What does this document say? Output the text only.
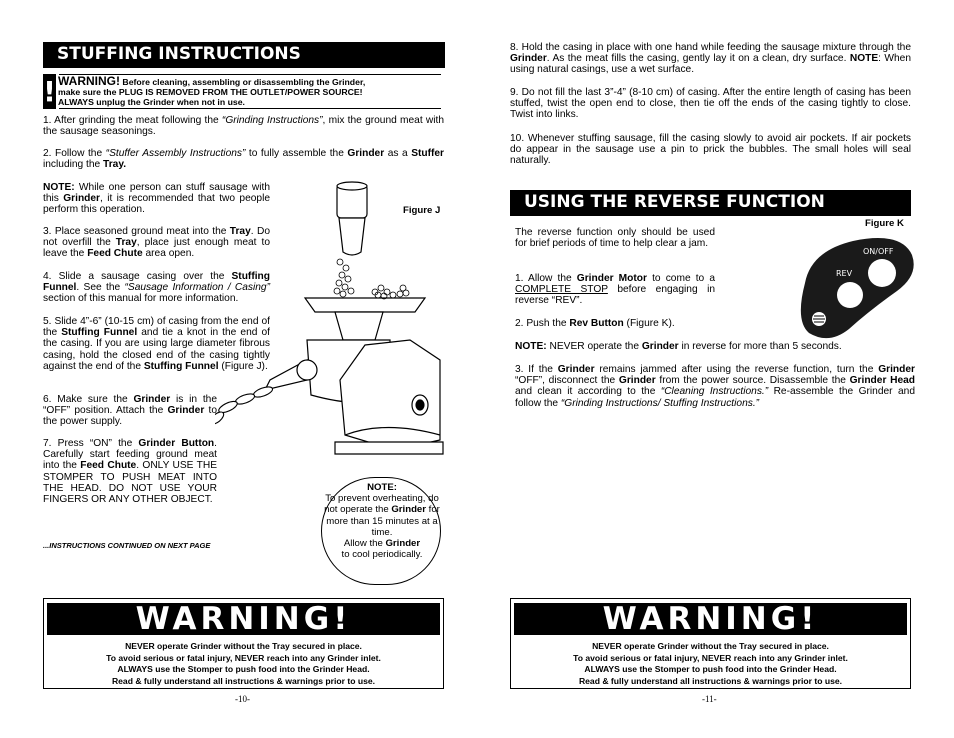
STUFFING INSTRUCTIONS
! WARNING! Before cleaning, assembling or disassembling the Grinder,
make sure the PLUG IS REMOVED FROM THE OUTLET/POWER SOURCE!
ALWAYS unplug the Grinder when not in use.
1. After grinding the meat following the “Grinding Instructions”, mix the ground meat with the sausage seasonings.
2. Follow the “Stuffer Assembly Instructions” to fully assemble the Grinder as a Stuffer including the Tray.
NOTE: While one person can stuff sausage with this Grinder, it is recommended that two people perform this operation.	Figure J
3. Place seasoned ground meat into the Tray. Do not overfill the Tray, place just enough meat to leave the Feed Chute area open.
4. Slide a sausage casing over the Stuffing Funnel. See the “Sausage Information / Casing” section of this manual for more information.
5. Slide 4”-6” (10-15 cm) of casing from the end of the Stuffing Funnel and tie a knot in the end of the casing. If you are using large diameter fibrous casing, hold the closed end of the casing tightly against the end of the Stuffing Funnel (Figure J).
6. Make sure the Grinder is in the “OFF” position. Attach the Grinder to the power supply.
7. Press “ON” the Grinder Button. Carefully start feeding ground meat into the Feed Chute. ONLY USE THE STOMPER TO PUSH MEAT INTO THE HEAD. DO NOT USE YOUR FINGERS OR ANY OTHER OBJECT.
...INSTRUCTIONS CONTINUED ON NEXT PAGE
NOTE:
To prevent overheating, do not operate the Grinder for more than 15 minutes at a time.
Allow the Grinder
to cool periodically.
WARNING!
NEVER operate Grinder without the Tray secured in place.
To avoid serious or fatal injury, NEVER reach into any Grinder inlet.
ALWAYS use the Stomper to push food into the Grinder Head.
Read & fully understand all instructions & warnings prior to use.
-10-
8. Hold the casing in place with one hand while feeding the sausage mixture through the Grinder. As the meat fills the casing, gently lay it on a clean, dry surface. NOTE: When using natural casings, use a wet surface.
9. Do not fill the last 3”-4” (8-10 cm) of casing. After the entire length of casing has been stuffed, twist the open end to close, then tie off the ends of the casing tightly to close. Twist into links.
10. Whenever stuffing sausage, fill the casing slowly to avoid air pockets. If air pockets do appear in the sausage use a pin to prick the bubbles. The small holes will seal naturally.
USING THE REVERSE FUNCTION
Figure K
The reverse function only should be used for brief periods of time to help clear a jam.
1. Allow the Grinder Motor to come to a COMPLETE STOP before engaging in reverse “REV”.
2. Push the Rev Button (Figure K).
NOTE: NEVER operate the Grinder in reverse for more than 5 seconds.
3. If the Grinder remains jammed after using the reverse function, turn the Grinder “OFF”, disconnect the Grinder from the power source. Disassemble the Grinder Head and clean it according to the “Cleaning Instructions.” Re-assemble the Grinder and follow the “Grinding Instructions/ Stuffing Instructions.”
REV
ON/OFF
WARNING!
NEVER operate Grinder without the Tray secured in place.
To avoid serious or fatal injury, NEVER reach into any Grinder inlet.
ALWAYS use the Stomper to push food into the Grinder Head.
Read & fully understand all instructions & warnings prior to use.
-11-
